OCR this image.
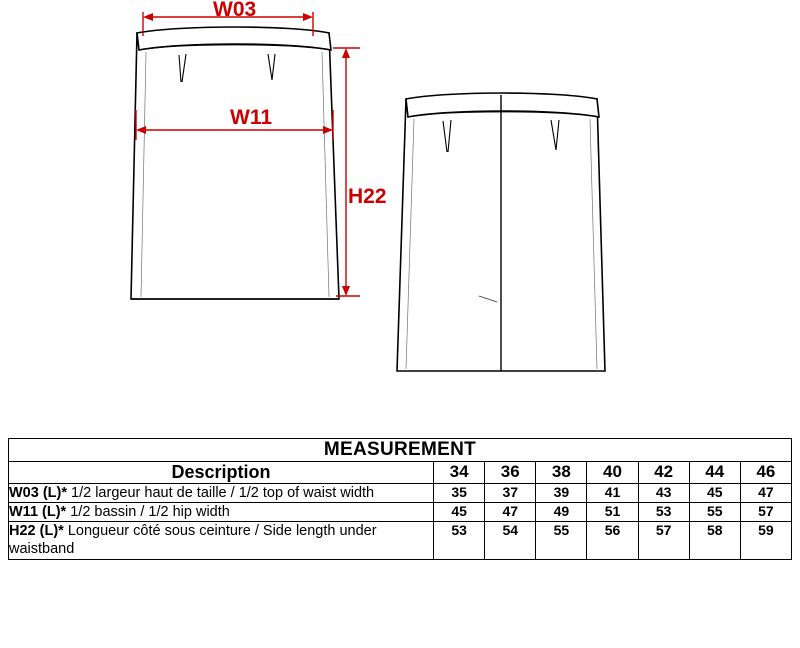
W03
W11
H22
MEASUREMENT							
Description	34	36	38	40	42	44	46
W03 (L)* 1/2 largeur haut de taille / 1/2 top of waist width	35	37	39	41	43	45	47
W11 (L)* 1/2 bassin / 1/2 hip width	45	47	49	51	53	55	57
H22 (L)* Longueur côté sous ceinture / Side length under waistband	53	54	55	56	57	58	59
